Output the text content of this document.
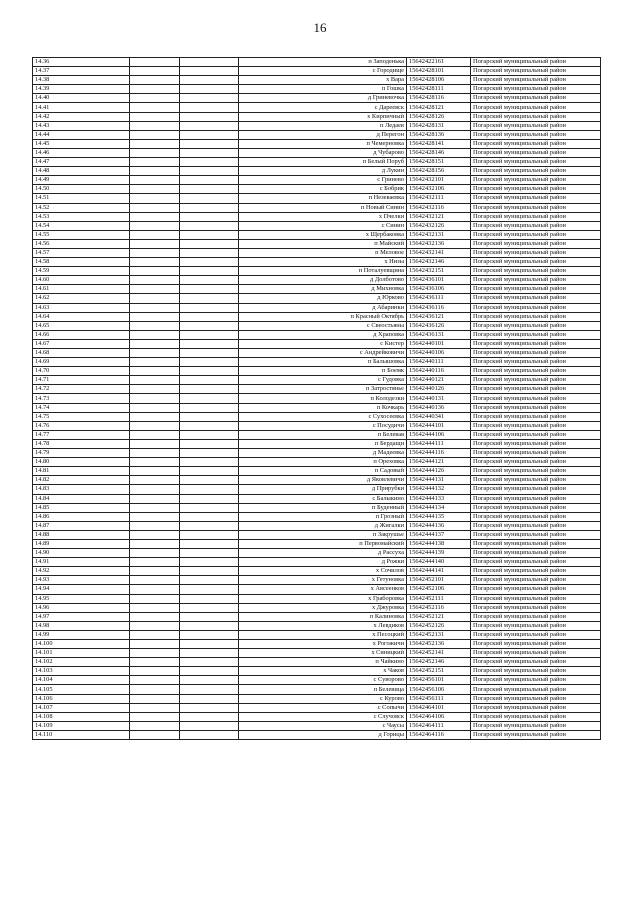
16
14.36			п Заподенька	15642422161	Погарский муниципальный район
14.37			с Городище	15642428101	Погарский муниципальный район
14.38			х Вара	15642428106	Погарский муниципальный район
14.39			п Гошка	15642428111	Погарский муниципальный район
14.40			д Гриневочка	15642428116	Погарский муниципальный район
14.41			с Дареевск	15642428121	Погарский муниципальный район
14.42			х Кирпичный	15642428126	Погарский муниципальный район
14.43			п Ледаев	15642428131	Погарский муниципальный район
14.44			д Перегон	15642428136	Погарский муниципальный район
14.45			п Чемерновка	15642428141	Погарский муниципальный район
14.46			д Чубарово	15642428146	Погарский муниципальный район
14.47			п Белый Поруб	15642428151	Погарский муниципальный район
14.48			д Лукин	15642428156	Погарский муниципальный район
14.49			с Гринево	15642432101	Погарский муниципальный район
14.50			с Бобрик	15642432106	Погарский муниципальный район
14.51			п Незеваевка	15642432111	Погарский муниципальный район
14.52			п Новый Синин	15642432116	Погарский муниципальный район
14.53			х Пчелки	15642432121	Погарский муниципальный район
14.54			с Синин	15642432126	Погарский муниципальный район
14.55			х Щербаковка	15642432131	Погарский муниципальный район
14.56			п Майский	15642432136	Погарский муниципальный район
14.57			п Меловое	15642432141	Погарский муниципальный район
14.58			х Низы	15642432146	Погарский муниципальный район
14.59			п Поталуевщина	15642432151	Погарский муниципальный район
14.60			д Долботово	15642436101	Погарский муниципальный район
14.61			д Михновка	15642436106	Погарский муниципальный район
14.62			д Юрково	15642436111	Погарский муниципальный район
14.63			д Абаринки	15642436116	Погарский муниципальный район
14.64			п Красный Октябрь	15642436121	Погарский муниципальный район
14.65			с Свеостьяны	15642436126	Погарский муниципальный район
14.66			д Храповка	15642436131	Погарский муниципальный район
14.67			с Кистер	15642440101	Погарский муниципальный район
14.68			с Андрейковичи	15642440106	Погарский муниципальный район
14.69			п Балышовка	15642440111	Погарский муниципальный район
14.70			п Боемк	15642440116	Погарский муниципальный район
14.71			с Гудовка	15642440121	Погарский муниципальный район
14.72			п Затростянье	15642440126	Погарский муниципальный район
14.73			п Колодезки	15642440131	Погарский муниципальный район
14.74			п Кочкарь	15642440136	Погарский муниципальный район
14.75			с Сухосеевка	15642440341	Погарский муниципальный район
14.76			с Посудичи	15642444101	Погарский муниципальный район
14.77			п Белевая	15642444106	Погарский муниципальный район
14.78			п Бердащи	15642444111	Погарский муниципальный район
14.79			д Мадеевка	15642444116	Погарский муниципальный район
14.80			п Ореховка	15642444121	Погарский муниципальный район
14.81			п Садовый	15642444126	Погарский муниципальный район
14.82			д Яковлевичи	15642444131	Погарский муниципальный район
14.83			д Прирубки	15642444132	Погарский муниципальный район
14.84			с Балыкино	15642444133	Погарский муниципальный район
14.85			п Буденный	15642444134	Погарский муниципальный район
14.86			п Грозный	15642444135	Погарский муниципальный район
14.87			д Жигалки	15642444136	Погарский муниципальный район
14.88			п Закрушье	15642444137	Погарский муниципальный район
14.89			п Первомайский	15642444138	Погарский муниципальный район
14.90			д Рассуха	15642444139	Погарский муниципальный район
14.91			д Рожки	15642444140	Погарский муниципальный район
14.92			х Сочилов	15642444141	Погарский муниципальный район
14.93			х Гетуновка	15642452101	Погарский муниципальный район
14.94			х Авсеенков	15642452106	Погарский муниципальный район
14.95			х Граборовка	15642452111	Погарский муниципальный район
14.96			х Джуровка	15642452116	Погарский муниципальный район
14.97			п Калиновка	15642452121	Погарский муниципальный район
14.98			х Левдиков	15642452126	Погарский муниципальный район
14.99			х Песоцкий	15642452131	Погарский муниципальный район
14.100			х Рогожичи	15642452136	Погарский муниципальный район
14.101			х Синицкий	15642452141	Погарский муниципальный район
14.102			п Чайкино	15642452146	Погарский муниципальный район
14.103			х Чаков	15642452151	Погарский муниципальный район
14.104			с Суворово	15642456101	Погарский муниципальный район
14.105			п Белевица	15642456106	Погарский муниципальный район
14.106			с Курово	15642456111	Погарский муниципальный район
14.107			с Сопычи	15642464101	Погарский муниципальный район
14.108			с Случовск	15642464106	Погарский муниципальный район
14.109			с Чаусы	15642464111	Погарский муниципальный район
14.110			д Горицы	15642464116	Погарский муниципальный район
